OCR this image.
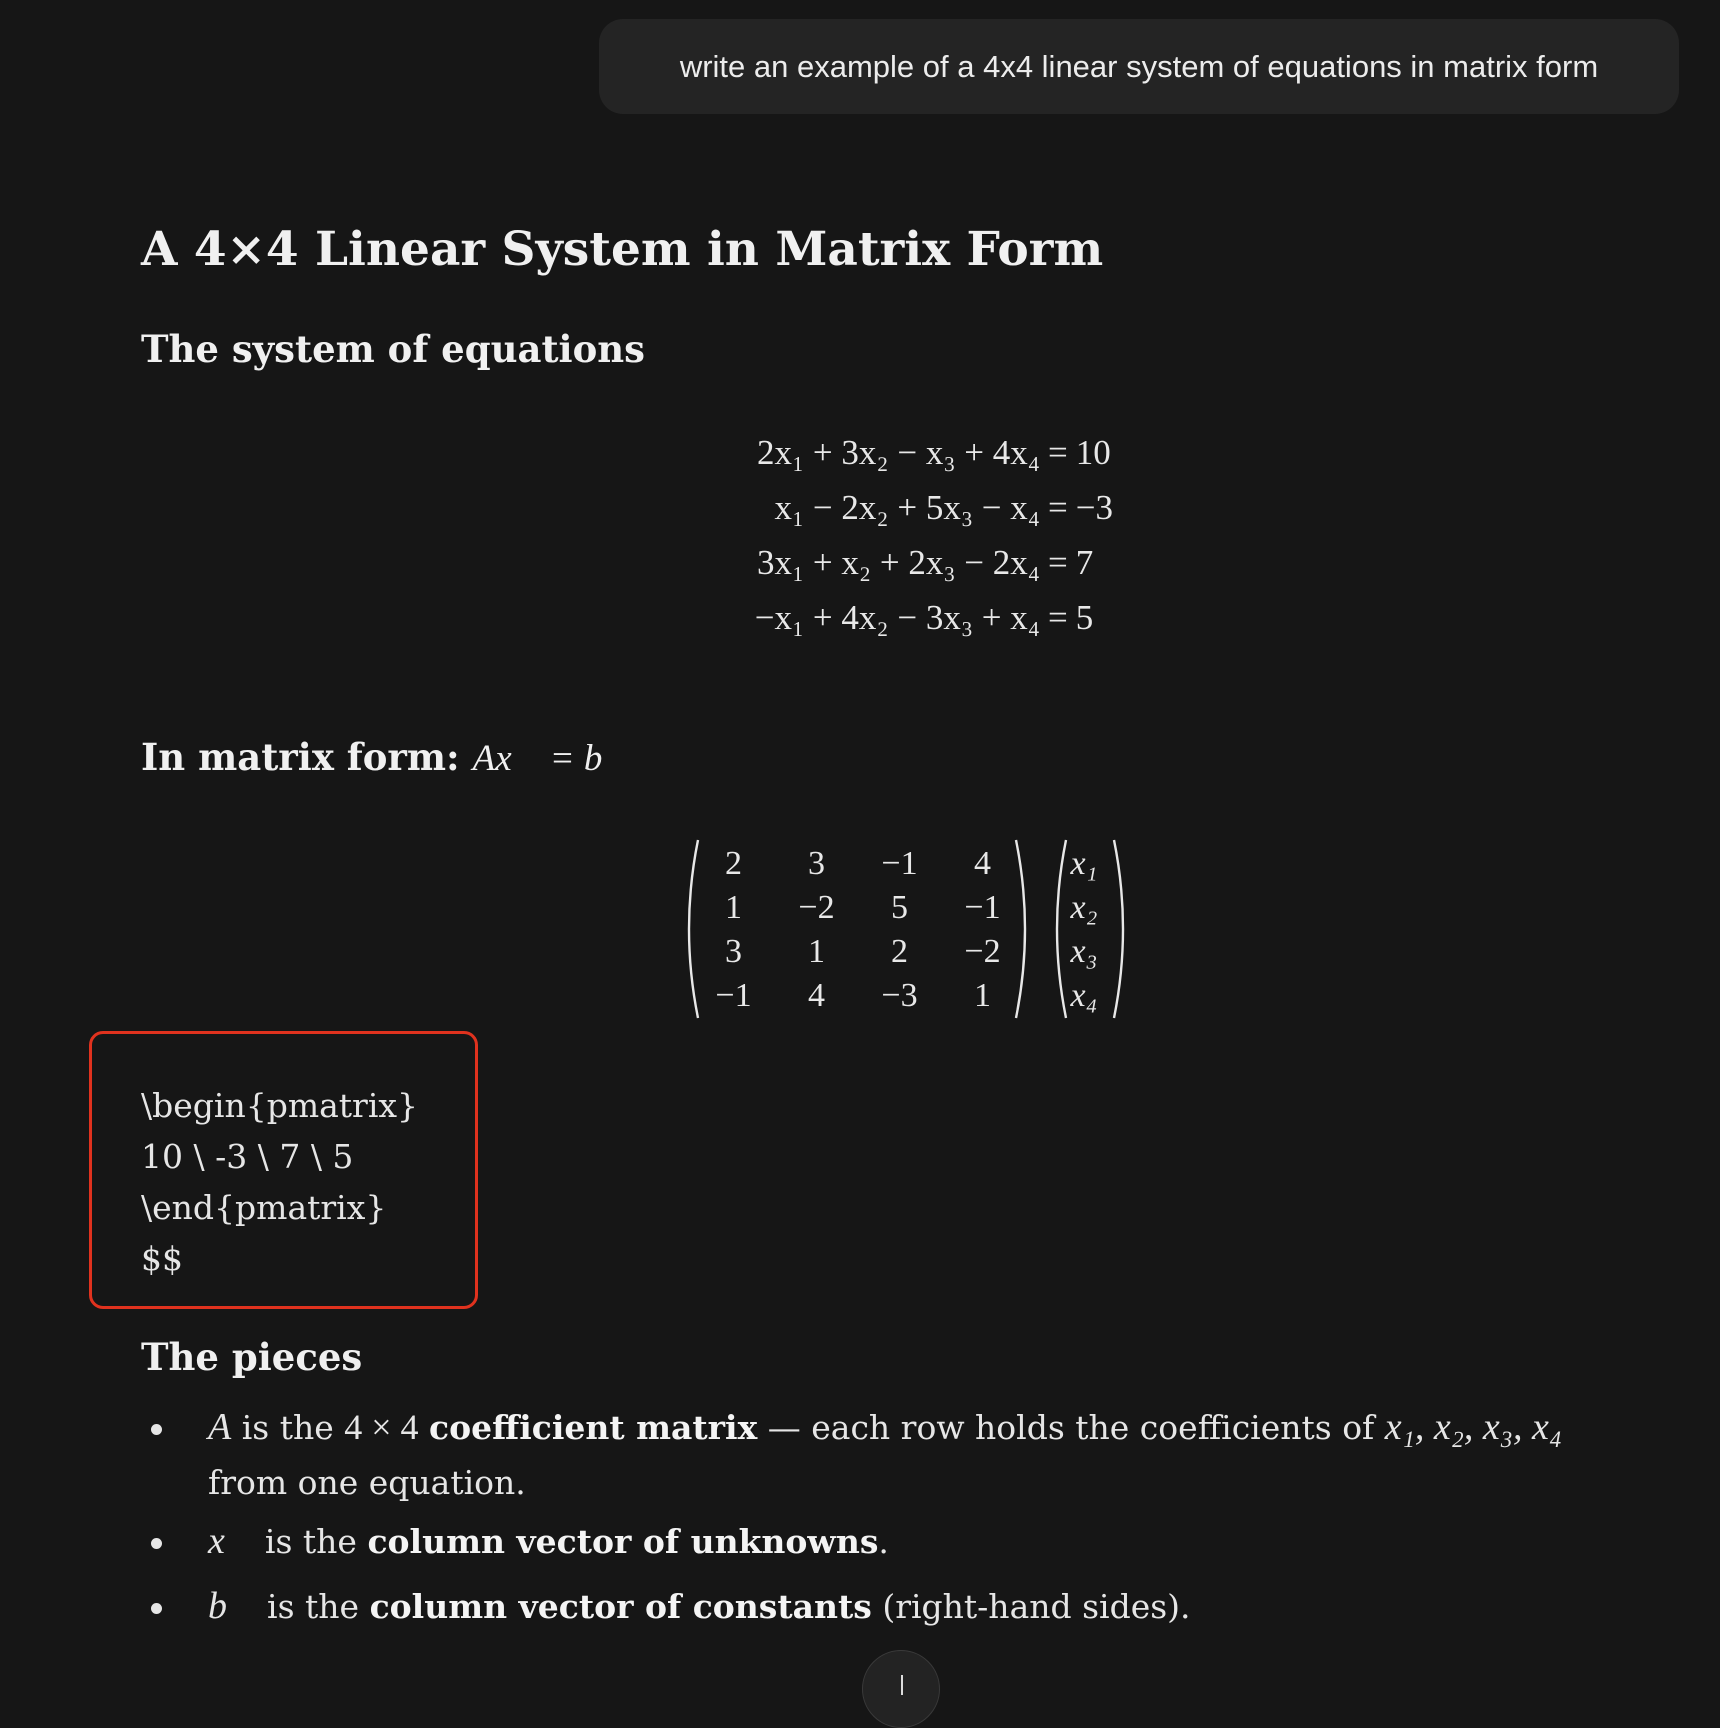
write an example of a 4x4 linear system of equations in matrix form
A 4×4 Linear System in Matrix Form
The system of equations
2x₁ + 3x₂ − x₃ + 4x₄ = 10
x₁ − 2x₂ + 5x₃ − x₄ = −3
3x₁ + x₂ + 2x₃ − 2x₄ = 7
−x₁ + 4x₂ − 3x₃ + x₄ = 5
In matrix form: Ax⃗ = b⃗
2 3 −1 4
1 −2 5 −1
3 1 2 −2
−1 4 −3 1
x₁
x₂
x₃
x₄
\begin{pmatrix}
10 \ -3 \ 7 \ 5
\end{pmatrix}
$$
The pieces
A is the 4 × 4 coefficient matrix — each row holds the coefficients of x₁, x₂, x₃, x₄ from one equation.
x⃗ is the column vector of unknowns.
b⃗ is the column vector of constants (right-hand sides).
